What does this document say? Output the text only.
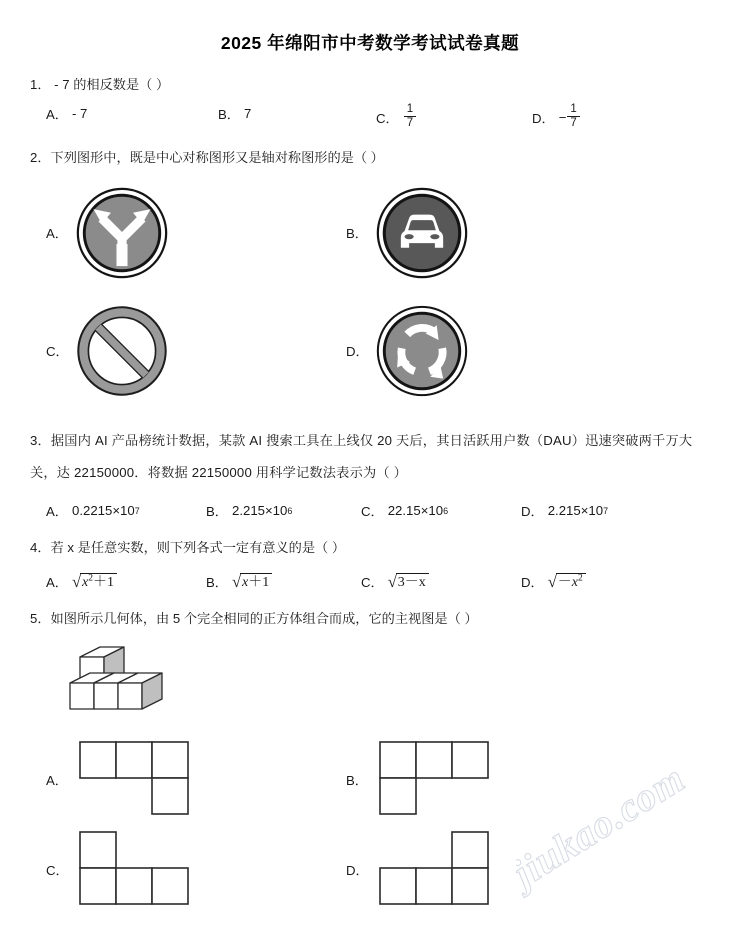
jiukao.com
2025 年绵阳市中考数学考试试卷真题
1． - 7 的相反数是（ ）
A． - 7	B． 7	C． $\frac{1}{7}$	D． − $\frac{1}{7}$
2．下列图形中，既是中心对称图形又是轴对称图形的是（ ）
A．	B．
C．	D．
3．据国内 AI 产品榜统计数据，某款 AI 搜索工具在上线仅 20 天后，其日活跃用户数（DAU）迅速突破两千万大
关，达 22150000．将数据 22150000 用科学记数法表示为（ ）
A． 0.2215×10 7	B． 2.215×10 6	C． 22.15×10 6	D． 2.215×10 7
4．若 x 是任意实数，则下列各式一定有意义的是（ ）
A． √ $x^2+1$	B． √ x＋1	C． √ 3－x	D． √ $-x^2$
5．如图所示几何体，由 5 个完全相同的正方体组合而成，它的主视图是（ ）
A．	B．
C．	D．
